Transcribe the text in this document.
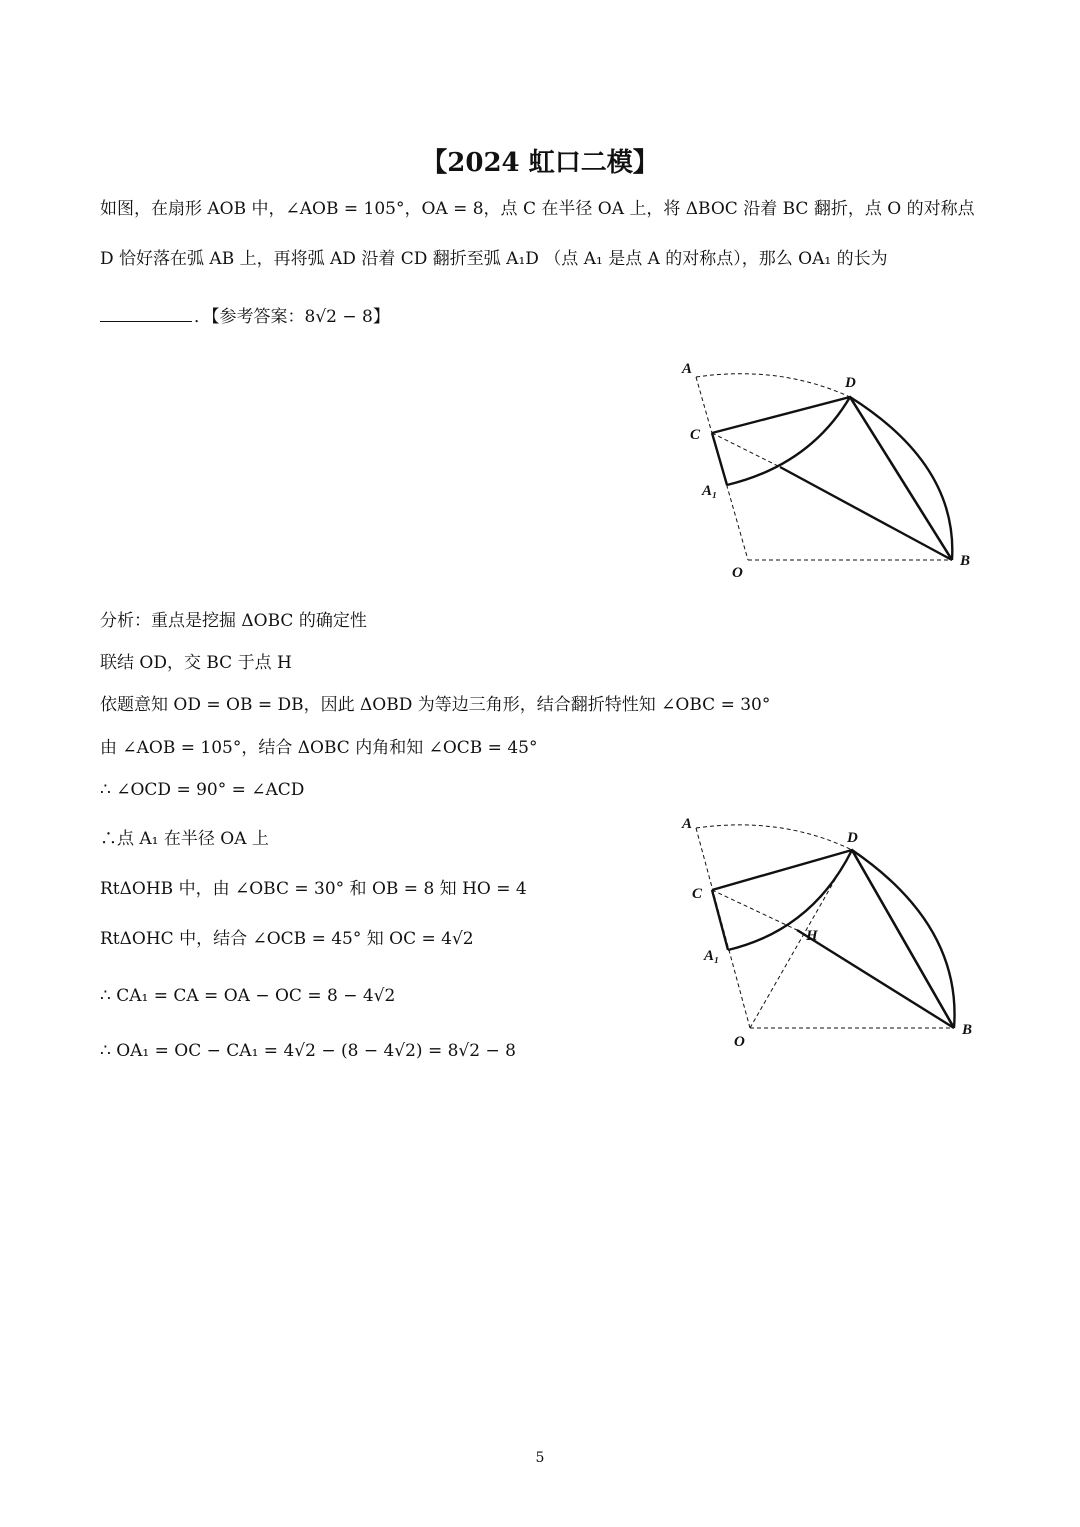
【2024 虹口二模】
如图，在扇形 AOB 中，∠AOB = 105°，OA = 8，点 C 在半径 OA 上，将 ΔBOC 沿着 BC 翻折，点 O 的对称点
D 恰好落在弧 AB 上，再将弧 AD 沿着 CD 翻折至弧 A₁D （点 A₁ 是点 A 的对称点），那么 OA₁ 的长为
．【参考答案：8√2 − 8】
A
D
C
A₁
O
B
分析：重点是挖掘 ΔOBC 的确定性
联结 OD，交 BC 于点 H
依题意知 OD = OB = DB，因此 ΔOBD 为等边三角形，结合翻折特性知 ∠OBC = 30°
由 ∠AOB = 105°，结合 ΔOBC 内角和知 ∠OCB = 45°
∴ ∠OCD = 90° = ∠ACD
∴点 A₁ 在半径 OA 上
RtΔOHB 中，由 ∠OBC = 30° 和 OB = 8 知 HO = 4
RtΔOHC 中，结合 ∠OCB = 45° 知 OC = 4√2
∴ CA₁ = CA = OA − OC = 8 − 4√2
∴ OA₁ = OC − CA₁ = 4√2 − (8 − 4√2) = 8√2 − 8
A
D
C
A₁
H
O
B
5
